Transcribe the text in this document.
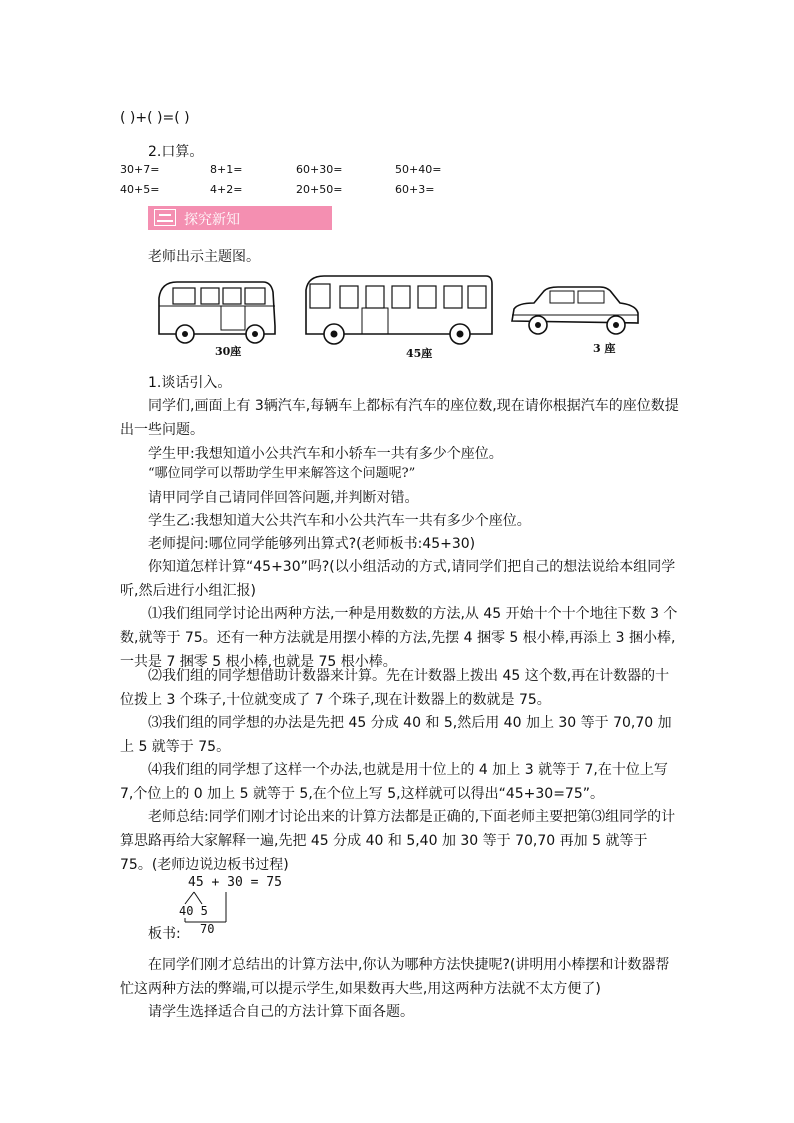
( )+( )=( )
2.口算。
30+7=	8+1=	60+30=	50+40=
40+5=	4+2=	20+50=	60+3=
探究新知
老师出示主题图。
30座	45座	3 座
1.谈话引入。
同学们,画面上有 3辆汽车,每辆车上都标有汽车的座位数,现在请你根据汽车的座位数提出一些问题。
学生甲:我想知道小公共汽车和小轿车一共有多少个座位。
“哪位同学可以帮助学生甲来解答这个问题呢?”
请甲同学自己请同伴回答问题,并判断对错。
学生乙:我想知道大公共汽车和小公共汽车一共有多少个座位。
老师提问:哪位同学能够列出算式?(老师板书:45+30)
你知道怎样计算“45+30”吗?(以小组活动的方式,请同学们把自己的想法说给本组同学听,然后进行小组汇报)
⑴我们组同学讨论出两种方法,一种是用数数的方法,从 45 开始十个十个地往下数 3 个数,就等于 75。还有一种方法就是用摆小棒的方法,先摆 4 捆零 5 根小棒,再添上 3 捆小棒,一共是 7 捆零 5 根小棒,也就是 75 根小棒。
⑵我们组的同学想借助计数器来计算。先在计数器上拨出 45 这个数,再在计数器的十位拨上 3 个珠子,十位就变成了 7 个珠子,现在计数器上的数就是 75。
⑶我们组的同学想的办法是先把 45 分成 40 和 5,然后用 40 加上 30 等于 70,70 加上 5 就等于 75。
⑷我们组的同学想了这样一个办法,也就是用十位上的 4 加上 3 就等于 7,在十位上写 7,个位上的 0 加上 5 就等于 5,在个位上写 5,这样就可以得出“45+30=75”。
老师总结:同学们刚才讨论出来的计算方法都是正确的,下面老师主要把第⑶组同学的计算思路再给大家解释一遍,先把 45 分成 40 和 5,40 加 30 等于 70,70 再加 5 就等于 75。(老师边说边板书过程)
45 + 30 = 75
40 5
70
板书:
在同学们刚才总结出的计算方法中,你认为哪种方法快捷呢?(讲明用小棒摆和计数器帮忙这两种方法的弊端,可以提示学生,如果数再大些,用这两种方法就不太方便了)
请学生选择适合自己的方法计算下面各题。
